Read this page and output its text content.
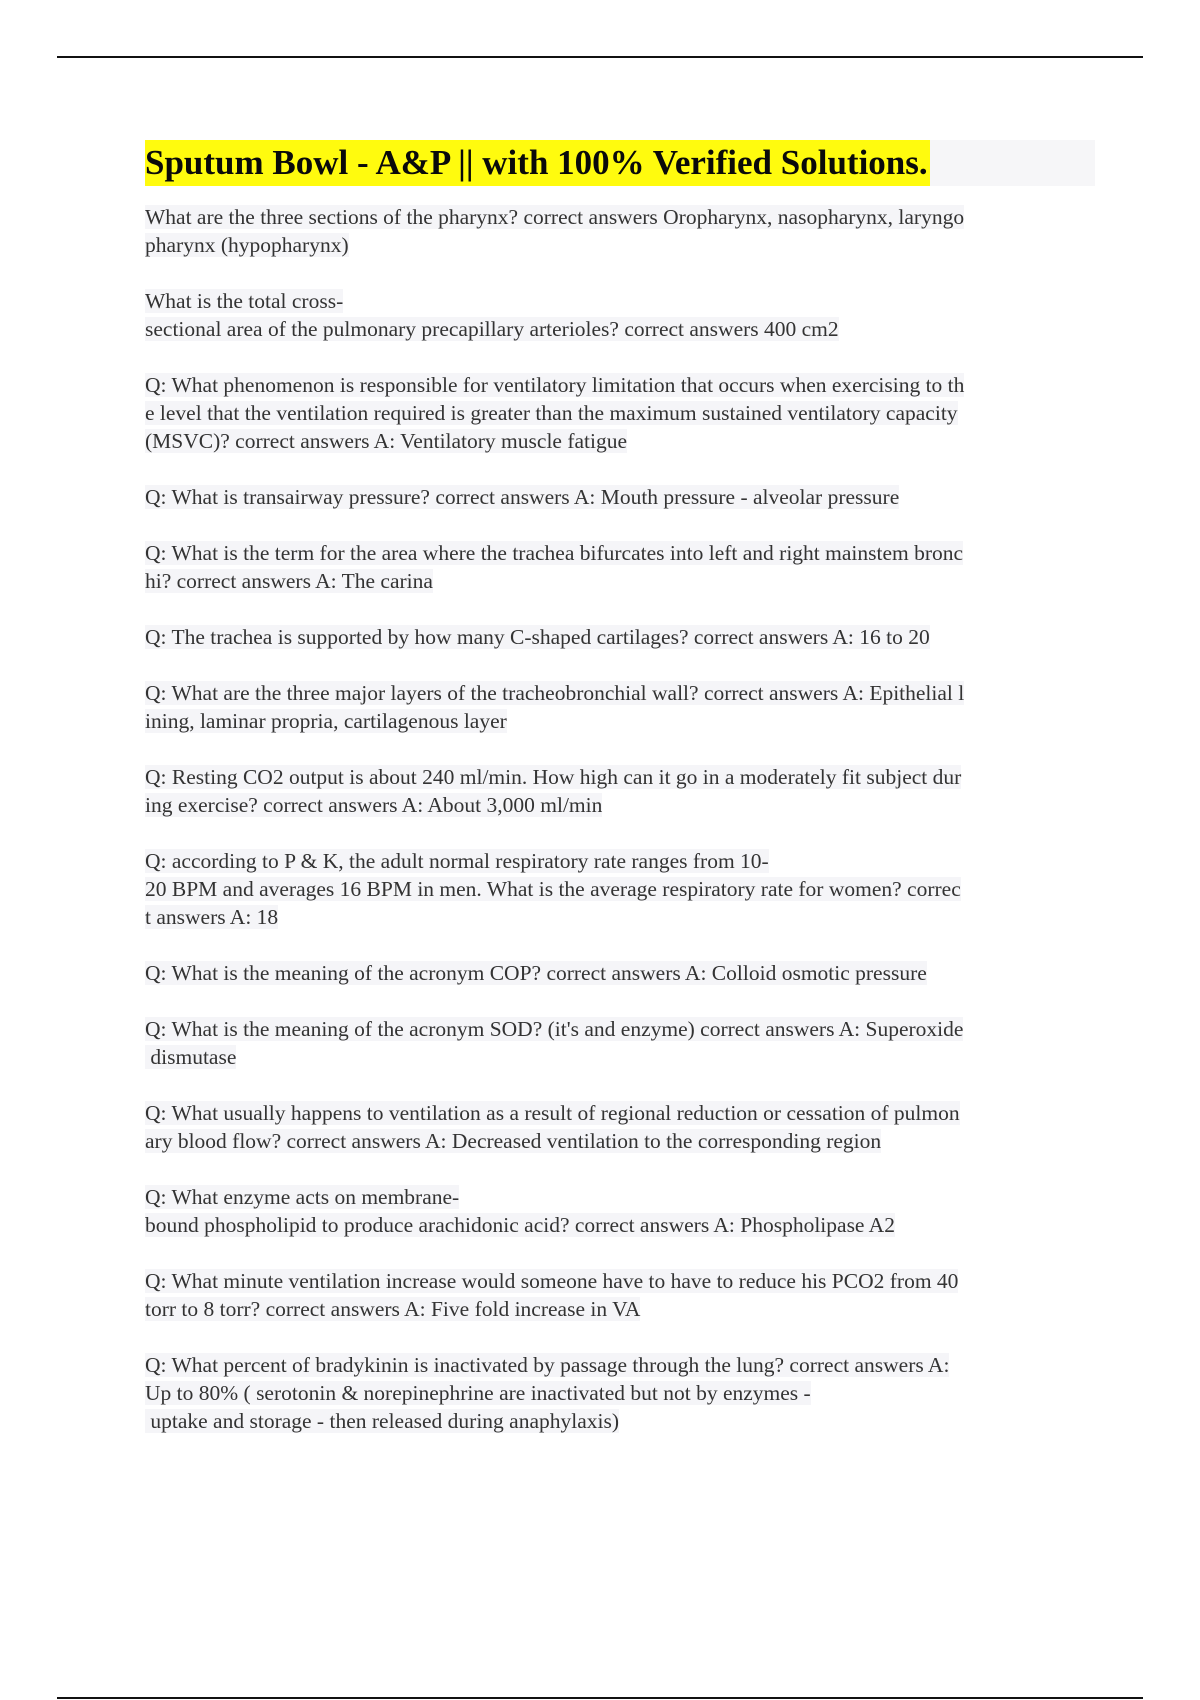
Sputum Bowl - A&P || with 100% Verified Solutions.
What are the three sections of the pharynx? correct answers Oropharynx, nasopharynx, laryngo
pharynx (hypopharynx)
What is the total cross-
sectional area of the pulmonary precapillary arterioles? correct answers 400 cm2
Q: What phenomenon is responsible for ventilatory limitation that occurs when exercising to th
e level that the ventilation required is greater than the maximum sustained ventilatory capacity
(MSVC)? correct answers A: Ventilatory muscle fatigue
Q: What is transairway pressure? correct answers A: Mouth pressure - alveolar pressure
Q: What is the term for the area where the trachea bifurcates into left and right mainstem bronc
hi? correct answers A: The carina
Q: The trachea is supported by how many C-shaped cartilages? correct answers A: 16 to 20
Q: What are the three major layers of the tracheobronchial wall? correct answers A: Epithelial l
ining, laminar propria, cartilagenous layer
Q: Resting CO2 output is about 240 ml/min. How high can it go in a moderately fit subject dur
ing exercise? correct answers A: About 3,000 ml/min
Q: according to P & K, the adult normal respiratory rate ranges from 10-
20 BPM and averages 16 BPM in men. What is the average respiratory rate for women? correc
t answers A: 18
Q: What is the meaning of the acronym COP? correct answers A: Colloid osmotic pressure
Q: What is the meaning of the acronym SOD? (it's and enzyme) correct answers A: Superoxide
dismutase
Q: What usually happens to ventilation as a result of regional reduction or cessation of pulmon
ary blood flow? correct answers A: Decreased ventilation to the corresponding region
Q: What enzyme acts on membrane-
bound phospholipid to produce arachidonic acid? correct answers A: Phospholipase A2
Q: What minute ventilation increase would someone have to have to reduce his PCO2 from 40
torr to 8 torr? correct answers A: Five fold increase in VA
Q: What percent of bradykinin is inactivated by passage through the lung? correct answers A:
Up to 80% ( serotonin & norepinephrine are inactivated but not by enzymes -
uptake and storage - then released during anaphylaxis)
